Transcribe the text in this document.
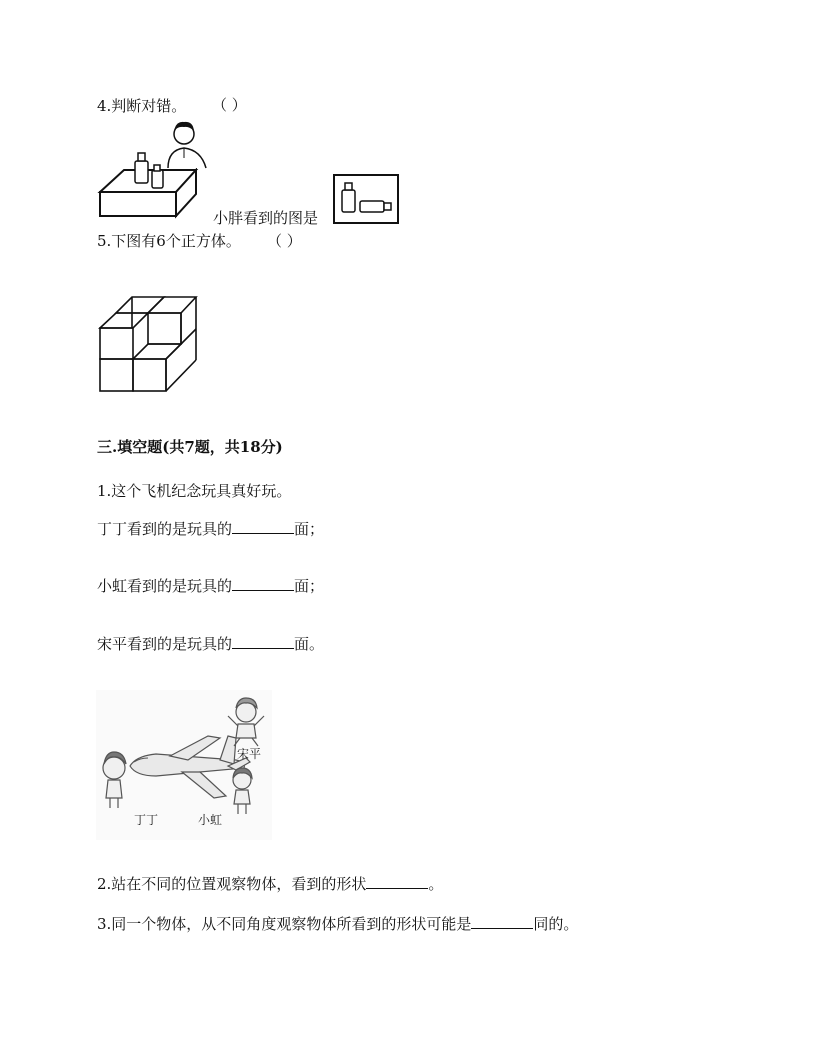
4.判断对错。 （ ）
小胖看到的图是
5.下图有6个正方体。 （ ）
三.填空题(共7题，共18分)
1.这个飞机纪念玩具真好玩。
丁丁看到的是玩具的	面；
小虹看到的是玩具的	面；
宋平看到的是玩具的	面。
宋平
丁丁	小虹
2.站在不同的位置观察物体，看到的形状	。
3.同一个物体，从不同角度观察物体所看到的形状可能是	同的。
